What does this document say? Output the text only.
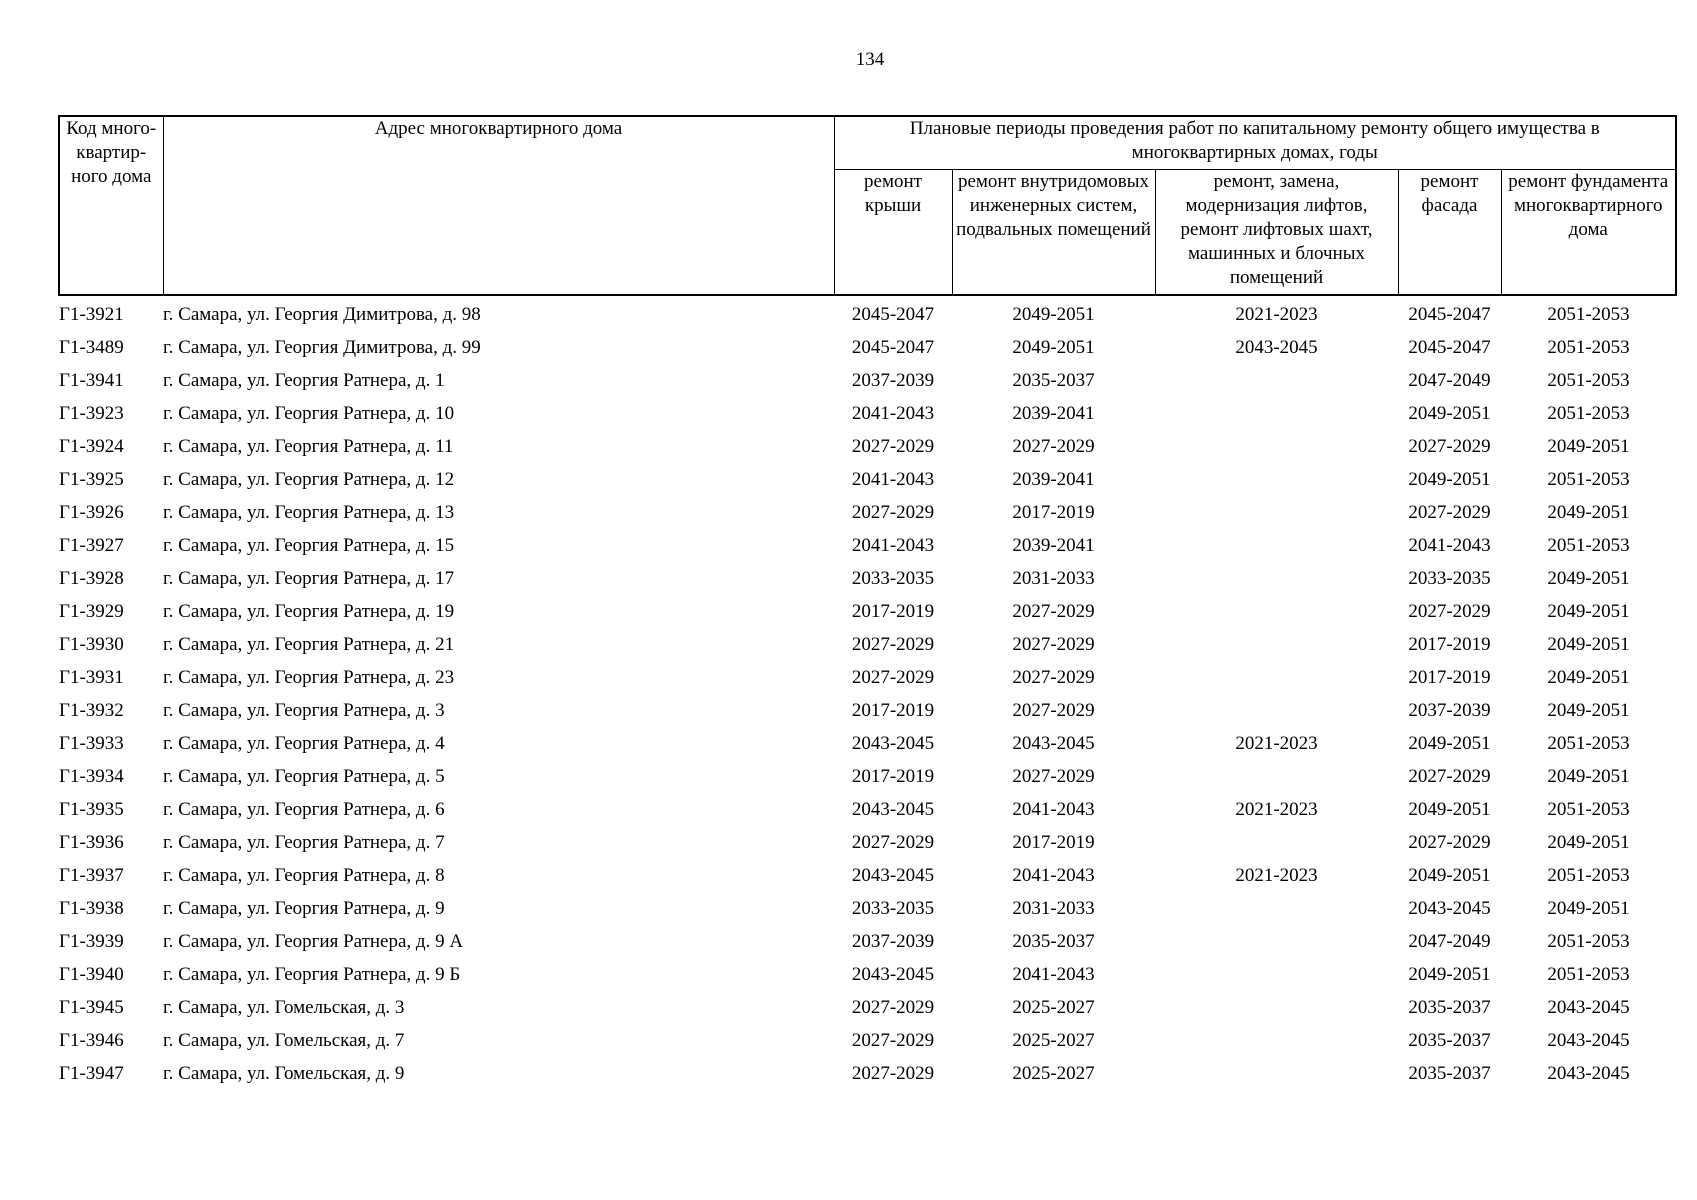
134
Код много-квартир-ного дома	Адрес многоквартирного дома	Плановые периоды проведения работ по капитальному ремонту общего имущества в многоквартирных домах, годы				
		ремонт крыши	ремонт внутридомовых инженерных систем, подвальных помещений	ремонт, замена, модернизация лифтов, ремонт лифтовых шахт, машинных и блочных помещений	ремонт фасада	ремонт фундамента многоквартирного дома
Г1-3921	г. Самара, ул. Георгия Димитрова, д. 98	2045-2047	2049-2051	2021-2023	2045-2047	2051-2053
Г1-3489	г. Самара, ул. Георгия Димитрова, д. 99	2045-2047	2049-2051	2043-2045	2045-2047	2051-2053
Г1-3941	г. Самара, ул. Георгия Ратнера, д. 1	2037-2039	2035-2037		2047-2049	2051-2053
Г1-3923	г. Самара, ул. Георгия Ратнера, д. 10	2041-2043	2039-2041		2049-2051	2051-2053
Г1-3924	г. Самара, ул. Георгия Ратнера, д. 11	2027-2029	2027-2029		2027-2029	2049-2051
Г1-3925	г. Самара, ул. Георгия Ратнера, д. 12	2041-2043	2039-2041		2049-2051	2051-2053
Г1-3926	г. Самара, ул. Георгия Ратнера, д. 13	2027-2029	2017-2019		2027-2029	2049-2051
Г1-3927	г. Самара, ул. Георгия Ратнера, д. 15	2041-2043	2039-2041		2041-2043	2051-2053
Г1-3928	г. Самара, ул. Георгия Ратнера, д. 17	2033-2035	2031-2033		2033-2035	2049-2051
Г1-3929	г. Самара, ул. Георгия Ратнера, д. 19	2017-2019	2027-2029		2027-2029	2049-2051
Г1-3930	г. Самара, ул. Георгия Ратнера, д. 21	2027-2029	2027-2029		2017-2019	2049-2051
Г1-3931	г. Самара, ул. Георгия Ратнера, д. 23	2027-2029	2027-2029		2017-2019	2049-2051
Г1-3932	г. Самара, ул. Георгия Ратнера, д. 3	2017-2019	2027-2029		2037-2039	2049-2051
Г1-3933	г. Самара, ул. Георгия Ратнера, д. 4	2043-2045	2043-2045	2021-2023	2049-2051	2051-2053
Г1-3934	г. Самара, ул. Георгия Ратнера, д. 5	2017-2019	2027-2029		2027-2029	2049-2051
Г1-3935	г. Самара, ул. Георгия Ратнера, д. 6	2043-2045	2041-2043	2021-2023	2049-2051	2051-2053
Г1-3936	г. Самара, ул. Георгия Ратнера, д. 7	2027-2029	2017-2019		2027-2029	2049-2051
Г1-3937	г. Самара, ул. Георгия Ратнера, д. 8	2043-2045	2041-2043	2021-2023	2049-2051	2051-2053
Г1-3938	г. Самара, ул. Георгия Ратнера, д. 9	2033-2035	2031-2033		2043-2045	2049-2051
Г1-3939	г. Самара, ул. Георгия Ратнера, д. 9 А	2037-2039	2035-2037		2047-2049	2051-2053
Г1-3940	г. Самара, ул. Георгия Ратнера, д. 9 Б	2043-2045	2041-2043		2049-2051	2051-2053
Г1-3945	г. Самара, ул. Гомельская, д. 3	2027-2029	2025-2027		2035-2037	2043-2045
Г1-3946	г. Самара, ул. Гомельская, д. 7	2027-2029	2025-2027		2035-2037	2043-2045
Г1-3947	г. Самара, ул. Гомельская, д. 9	2027-2029	2025-2027		2035-2037	2043-2045
